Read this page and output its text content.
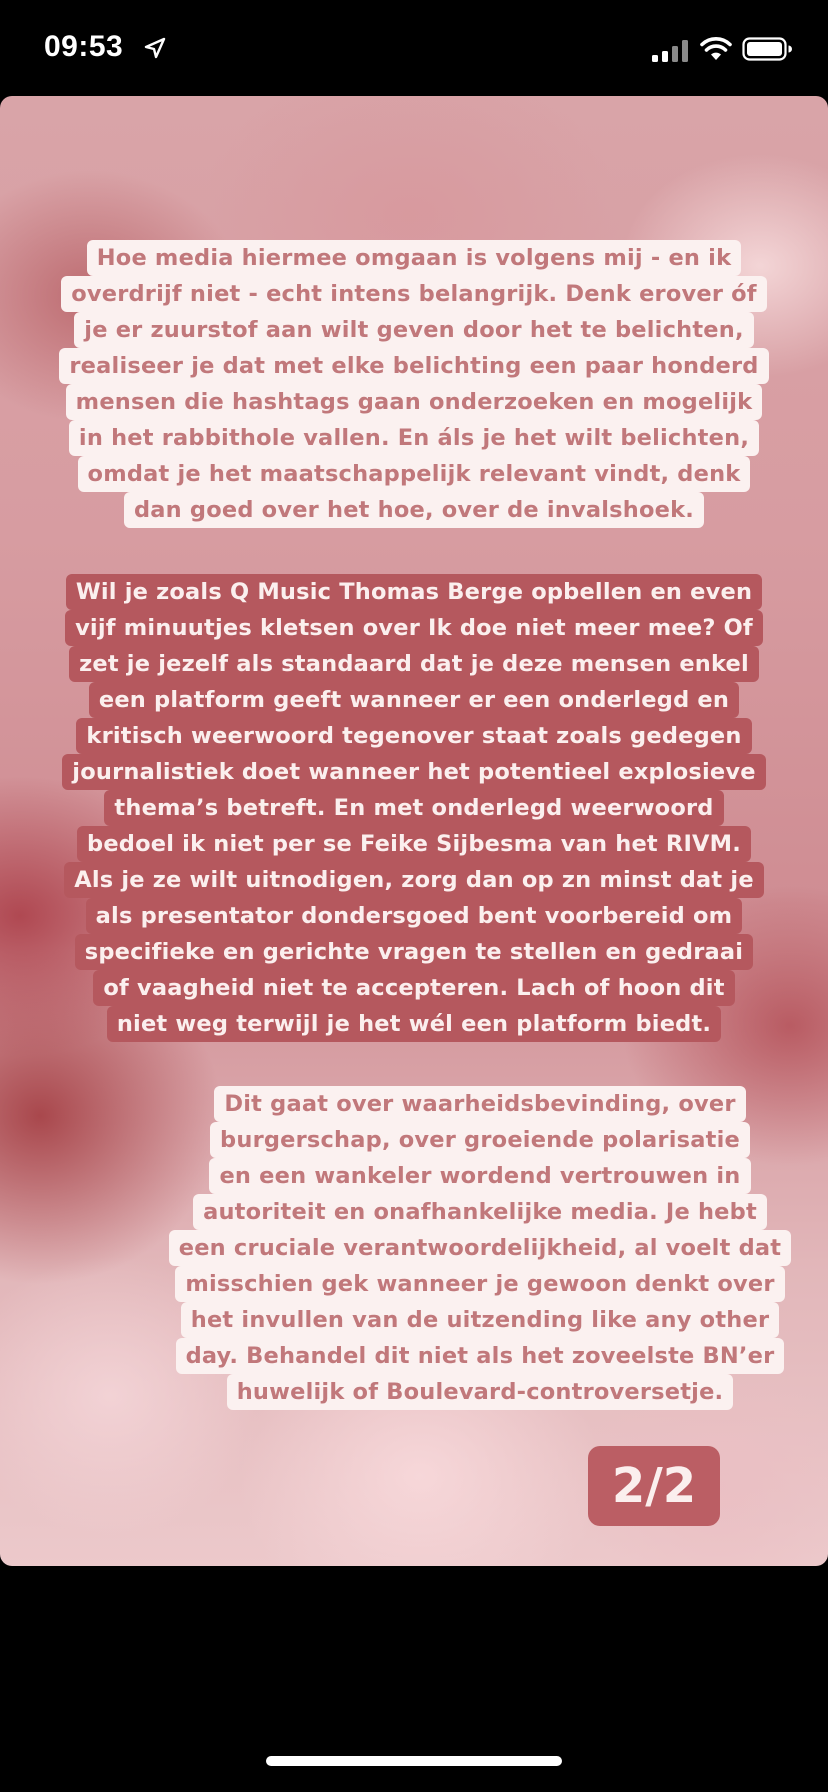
09:53
Hoe media hiermee omgaan is volgens mij - en ik
overdrijf niet - echt intens belangrijk. Denk erover óf
je er zuurstof aan wilt geven door het te belichten,
realiseer je dat met elke belichting een paar honderd
mensen die hashtags gaan onderzoeken en mogelijk
in het rabbithole vallen. En áls je het wilt belichten,
omdat je het maatschappelijk relevant vindt, denk
dan goed over het hoe, over de invalshoek.
Wil je zoals Q Music Thomas Berge opbellen en even
vijf minuutjes kletsen over Ik doe niet meer mee? Of
zet je jezelf als standaard dat je deze mensen enkel
een platform geeft wanneer er een onderlegd en
kritisch weerwoord tegenover staat zoals gedegen
journalistiek doet wanneer het potentieel explosieve
thema’s betreft. En met onderlegd weerwoord
bedoel ik niet per se Feike Sijbesma van het RIVM.
Als je ze wilt uitnodigen, zorg dan op zn minst dat je
als presentator dondersgoed bent voorbereid om
specifieke en gerichte vragen te stellen en gedraai
of vaagheid niet te accepteren. Lach of hoon dit
niet weg terwijl je het wél een platform biedt.
Dit gaat over waarheidsbevinding, over
burgerschap, over groeiende polarisatie
en een wankeler wordend vertrouwen in
autoriteit en onafhankelijke media. Je hebt
een cruciale verantwoordelijkheid, al voelt dat
misschien gek wanneer je gewoon denkt over
het invullen van de uitzending like any other
day. Behandel dit niet als het zoveelste BN’er
huwelijk of Boulevard-controversetje.
2/2
